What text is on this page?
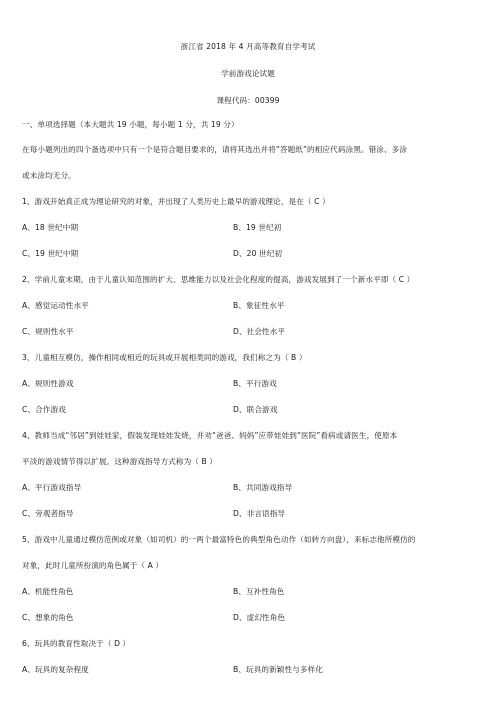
浙江省 2018 年 4 月高等教育自学考试
学前游戏论试题
课程代码：00399
一、单项选择题（本大题共 19 小题，每小题 1 分，共 19 分）
在每小题列出的四个备选项中只有一个是符合题目要求的，请将其选出并将“答题纸”的相应代码涂黑。错涂、多涂
或未涂均无分。
1、游戏开始真正成为理论研究的对象，并出现了人类历史上最早的游戏理论，是在（ C ）
A、18 世纪中期	B、19 世纪初
C、19 世纪中期	D、20 世纪初
2、学前儿童末期，由于儿童认知范围的扩大、思维能力以及社会化程度的提高，游戏发展到了一个新水平即（ C ）
A、感觉运动性水平	B、象征性水平
C、规则性水平	D、社会性水平
3、儿童相互模仿，操作相同或相近的玩具或开展相类同的游戏，我们称之为（ B ）
A、规则性游戏	B、平行游戏
C、合作游戏	D、联合游戏
4、教师当成“邻居”到娃娃家，假装发现娃娃发烧，并劝“爸爸、妈妈”应带娃娃到“医院”看病或请医生，使原本
平淡的游戏情节得以扩展。这种游戏指导方式称为（ B ）
A、平行游戏指导	B、共同游戏指导
C、旁观者指导	D、非言语指导
5、游戏中儿童通过模仿范例或对象（如司机）的一两个最富特色的典型角色动作（如转方向盘），来标志他所模仿的
对象，此时儿童所扮演的角色属于（ A ）
A、机能性角色	B、互补性角色
C、想象的角色	D、虚幻性角色
6、玩具的教育性取决于（ D ）
A、玩具的复杂程度	B、玩具的新颖性与多样化
